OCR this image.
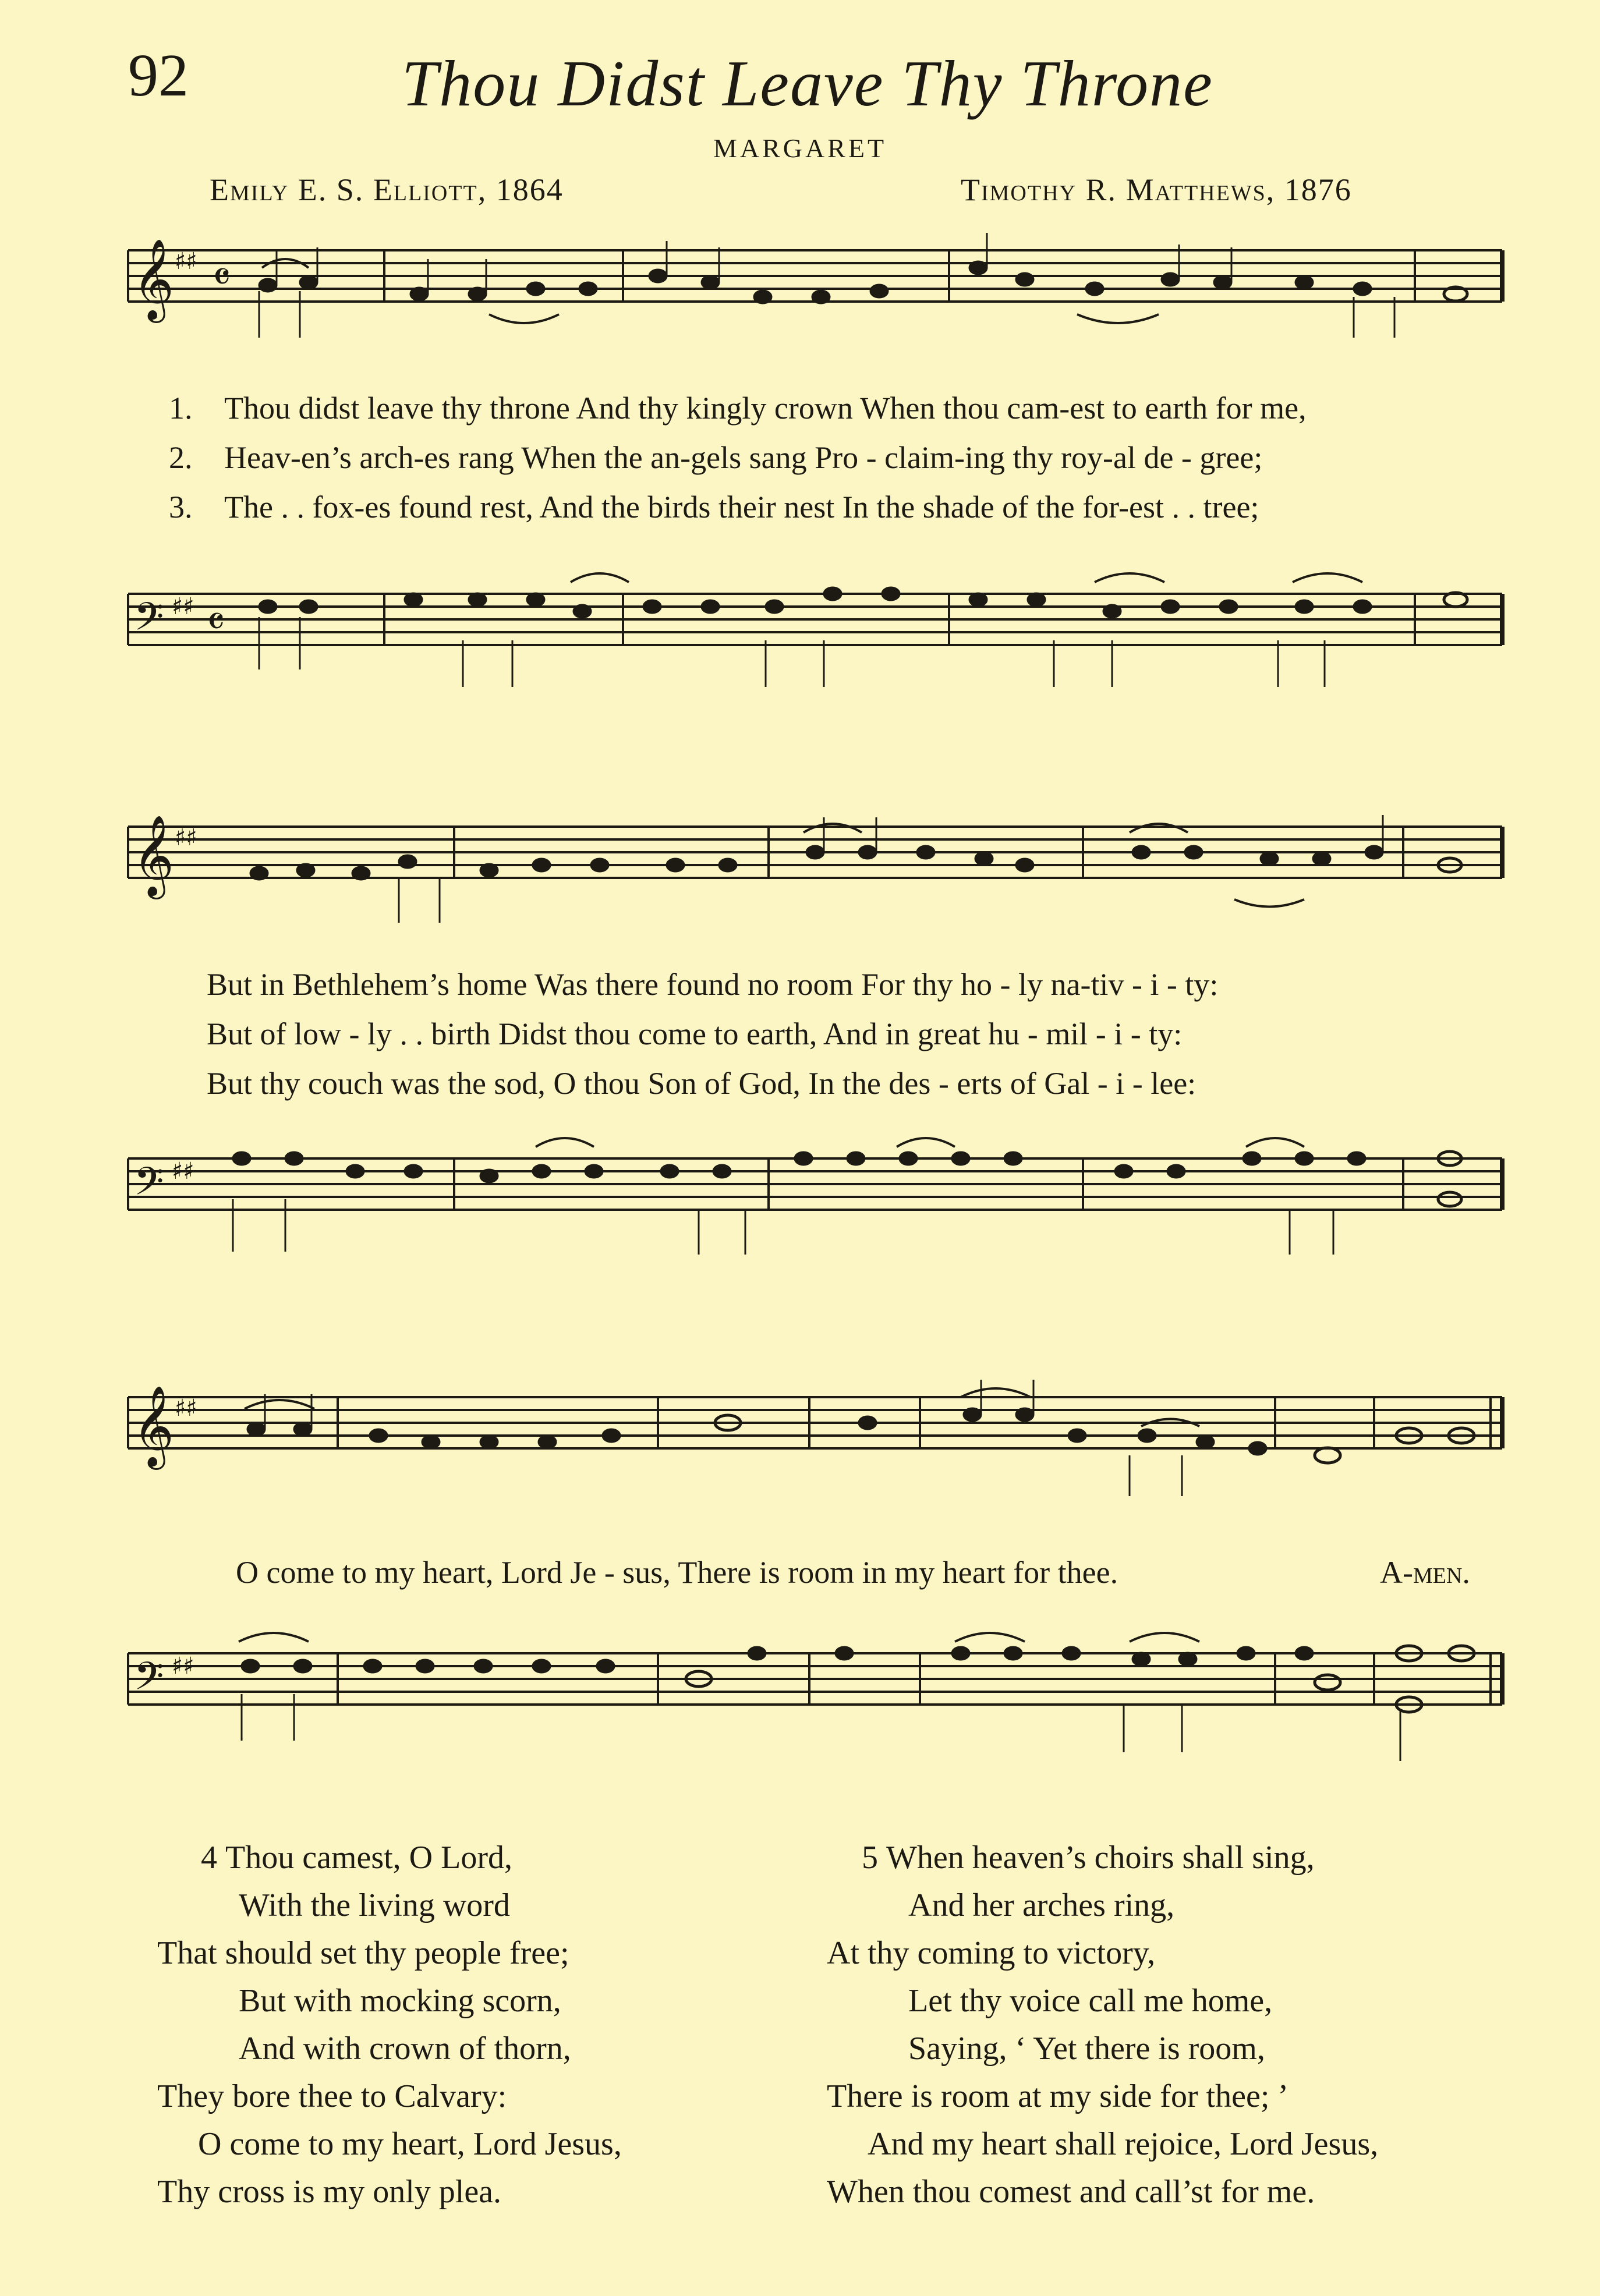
92	Thou Didst Leave Thy Throne
MARGARET
Emily E. S. Elliott, 1864	Timothy R. Matthews, 1876
𝄞 ♯♯ 𝄴
1. Thou didst leave thy throne And thy kingly crown When thou cam-est to earth for me,
2. Heav-en’s arch-es rang When the an-gels sang Pro - claim-ing thy roy-al de - gree;
3. The . . fox-es found rest, And the birds their nest In the shade of the for-est . . tree;
𝄢 ♯♯ 𝄴
𝄞 ♯♯
But in Bethlehem’s home Was there found no room For thy ho - ly na-tiv - i - ty:
But of low - ly . . birth Didst thou come to earth, And in great hu - mil - i - ty:
But thy couch was the sod, O thou Son of God, In the des - erts of Gal - i - lee:
𝄢 ♯♯
𝄞 ♯♯
O come to my heart, Lord Je - sus, There is room in my heart for thee.	A-men.
𝄢 ♯♯
4 Thou camest, O Lord,
With the living word
That should set thy people free;
But with mocking scorn,
And with crown of thorn,
They bore thee to Calvary:
O come to my heart, Lord Jesus,
Thy cross is my only plea.
5 When heaven’s choirs shall sing,
And her arches ring,
At thy coming to victory,
Let thy voice call me home,
Saying, ‘ Yet there is room,
There is room at my side for thee; ’
And my heart shall rejoice, Lord Jesus,
When thou comest and call’st for me.
